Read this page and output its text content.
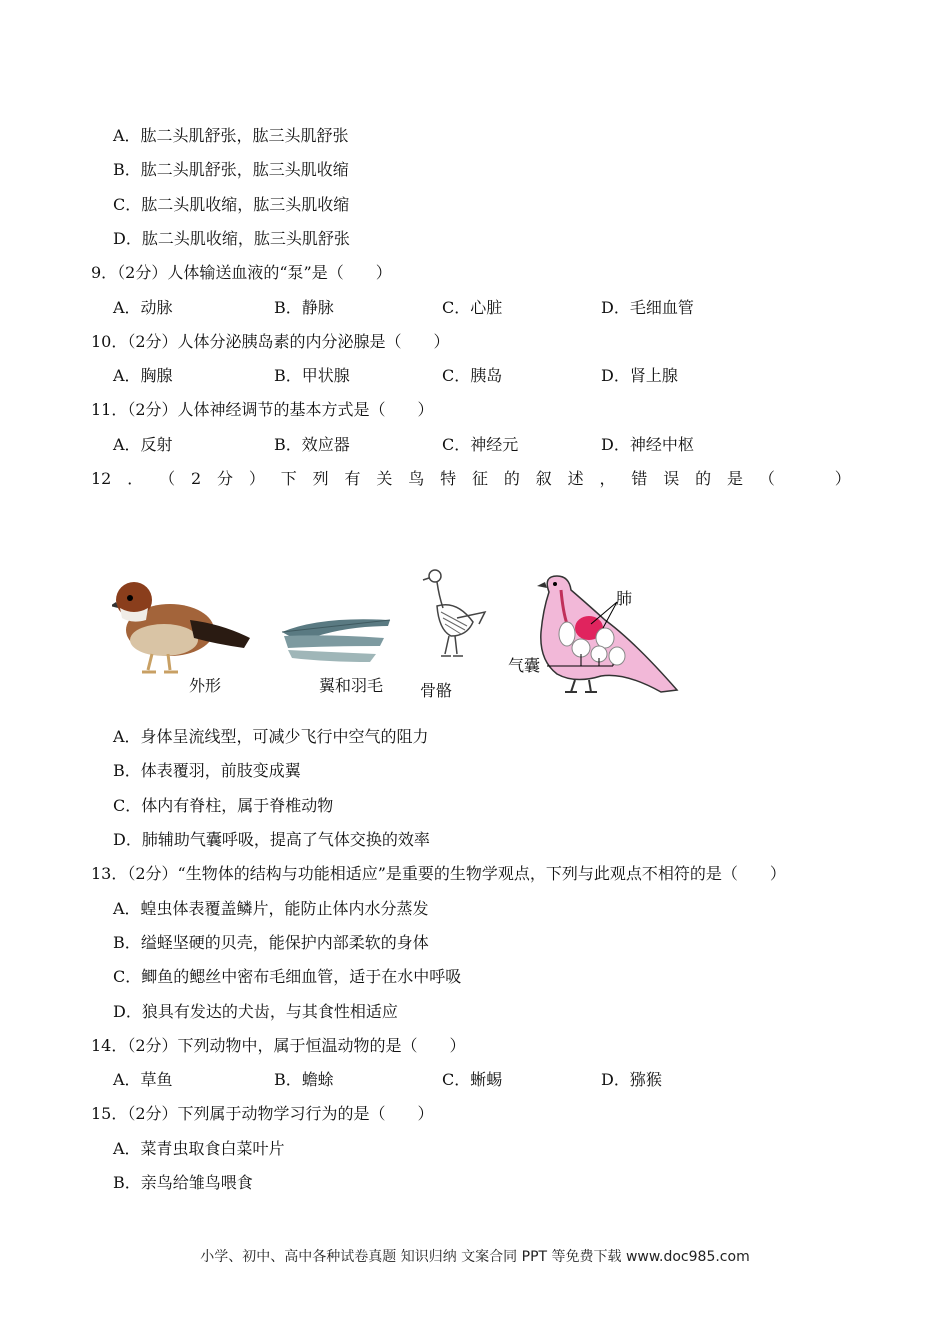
A．肱二头肌舒张，肱三头肌舒张
B．肱二头肌舒张，肱三头肌收缩
C．肱二头肌收缩，肱三头肌收缩
D．肱二头肌收缩，肱三头肌舒张
9．（2分）人体输送血液的“泵”是（　　）
A．动脉	B．静脉	C．心脏	D．毛细血管
10．（2分）人体分泌胰岛素的内分泌腺是（　　）
A．胸腺	B．甲状腺	C．胰岛	D．肾上腺
11．（2分）人体神经调节的基本方式是（　　）
A．反射	B．效应器	C．神经元	D．神经中枢
12 ． （ 2 分 ） 下 列 有 关 鸟 特 征 的 叙 述 ， 错 误 的 是 （	）
外形	翼和羽毛 骨骼
肺
气囊
A．身体呈流线型，可减少飞行中空气的阻力
B．体表覆羽，前肢变成翼
C．体内有脊柱，属于脊椎动物
D．肺辅助气囊呼吸，提高了气体交换的效率
13．（2分）“生物体的结构与功能相适应”是重要的生物学观点，下列与此观点不相符的是（　　）
A．蝗虫体表覆盖鳞片，能防止体内水分蒸发
B．缢蛏坚硬的贝壳，能保护内部柔软的身体
C．鲫鱼的鳃丝中密布毛细血管，适于在水中呼吸
D．狼具有发达的犬齿，与其食性相适应
14．（2分）下列动物中，属于恒温动物的是（　　）
A．草鱼	B．蟾蜍	C．蜥蜴	D．猕猴
15．（2分）下列属于动物学习行为的是（　　）
A．菜青虫取食白菜叶片
B．亲鸟给雏鸟喂食
小学、初中、高中各种试卷真题 知识归纳 文案合同 PPT 等免费下载 www.doc985.com
